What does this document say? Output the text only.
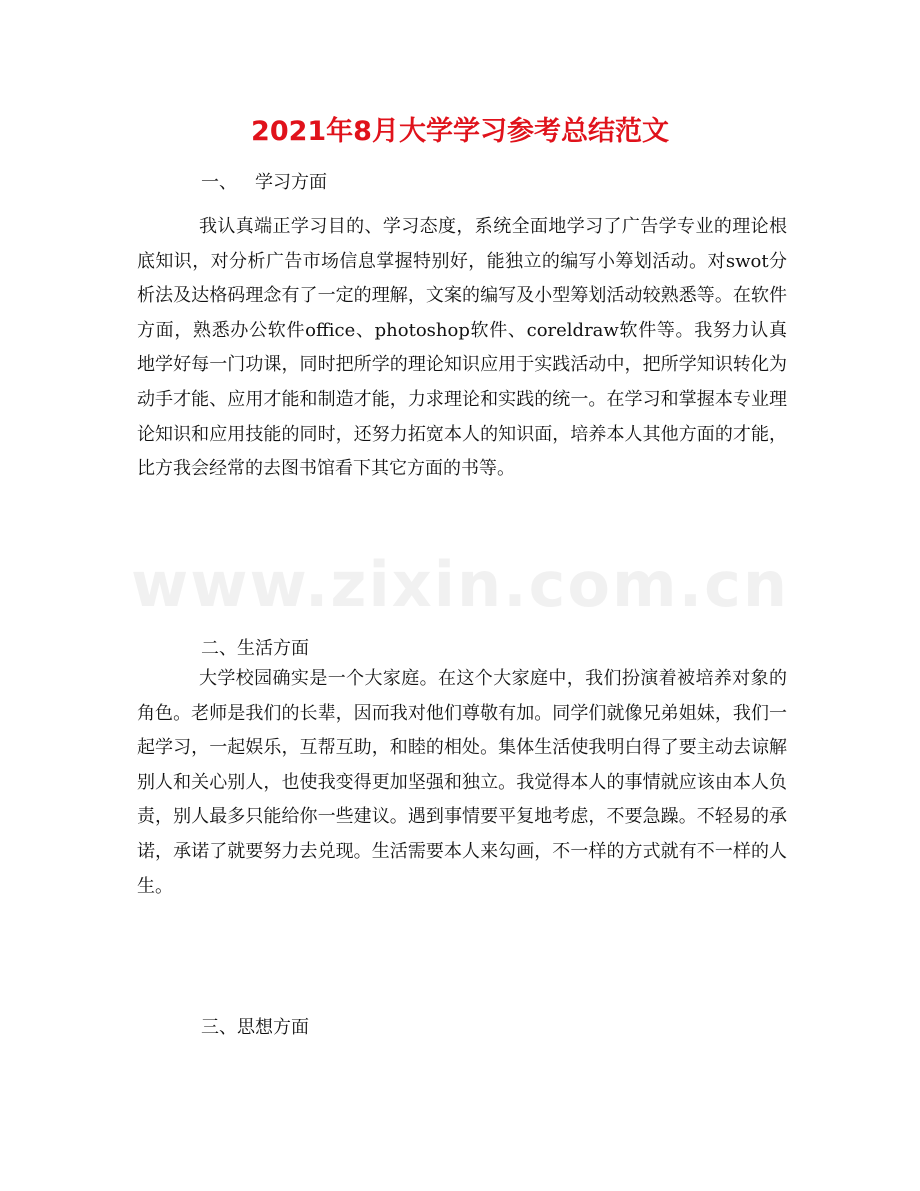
www.zixin.com.cn
2021年8月大学学习参考总结范文
一、 学习方面
我认真端正学习目的、学习态度，系统全面地学习了广告学专业的理论根底知识，对分析广告市场信息掌握特别好，能独立的编写小筹划活动。对swot分析法及达格码理念有了一定的理解，文案的编写及小型筹划活动较熟悉等。在软件方面，熟悉办公软件office、photoshop软件、coreldraw软件等。我努力认真地学好每一门功课，同时把所学的理论知识应用于实践活动中，把所学知识转化为动手才能、应用才能和制造才能，力求理论和实践的统一。在学习和掌握本专业理论知识和应用技能的同时，还努力拓宽本人的知识面，培养本人其他方面的才能，比方我会经常的去图书馆看下其它方面的书等。
二、生活方面
大学校园确实是一个大家庭。在这个大家庭中，我们扮演着被培养对象的角色。老师是我们的长辈，因而我对他们尊敬有加。同学们就像兄弟姐妹，我们一起学习，一起娱乐，互帮互助，和睦的相处。集体生活使我明白得了要主动去谅解别人和关心别人，也使我变得更加坚强和独立。我觉得本人的事情就应该由本人负责，别人最多只能给你一些建议。遇到事情要平复地考虑，不要急躁。不轻易的承诺，承诺了就要努力去兑现。生活需要本人来勾画，不一样的方式就有不一样的人生。
三、思想方面
